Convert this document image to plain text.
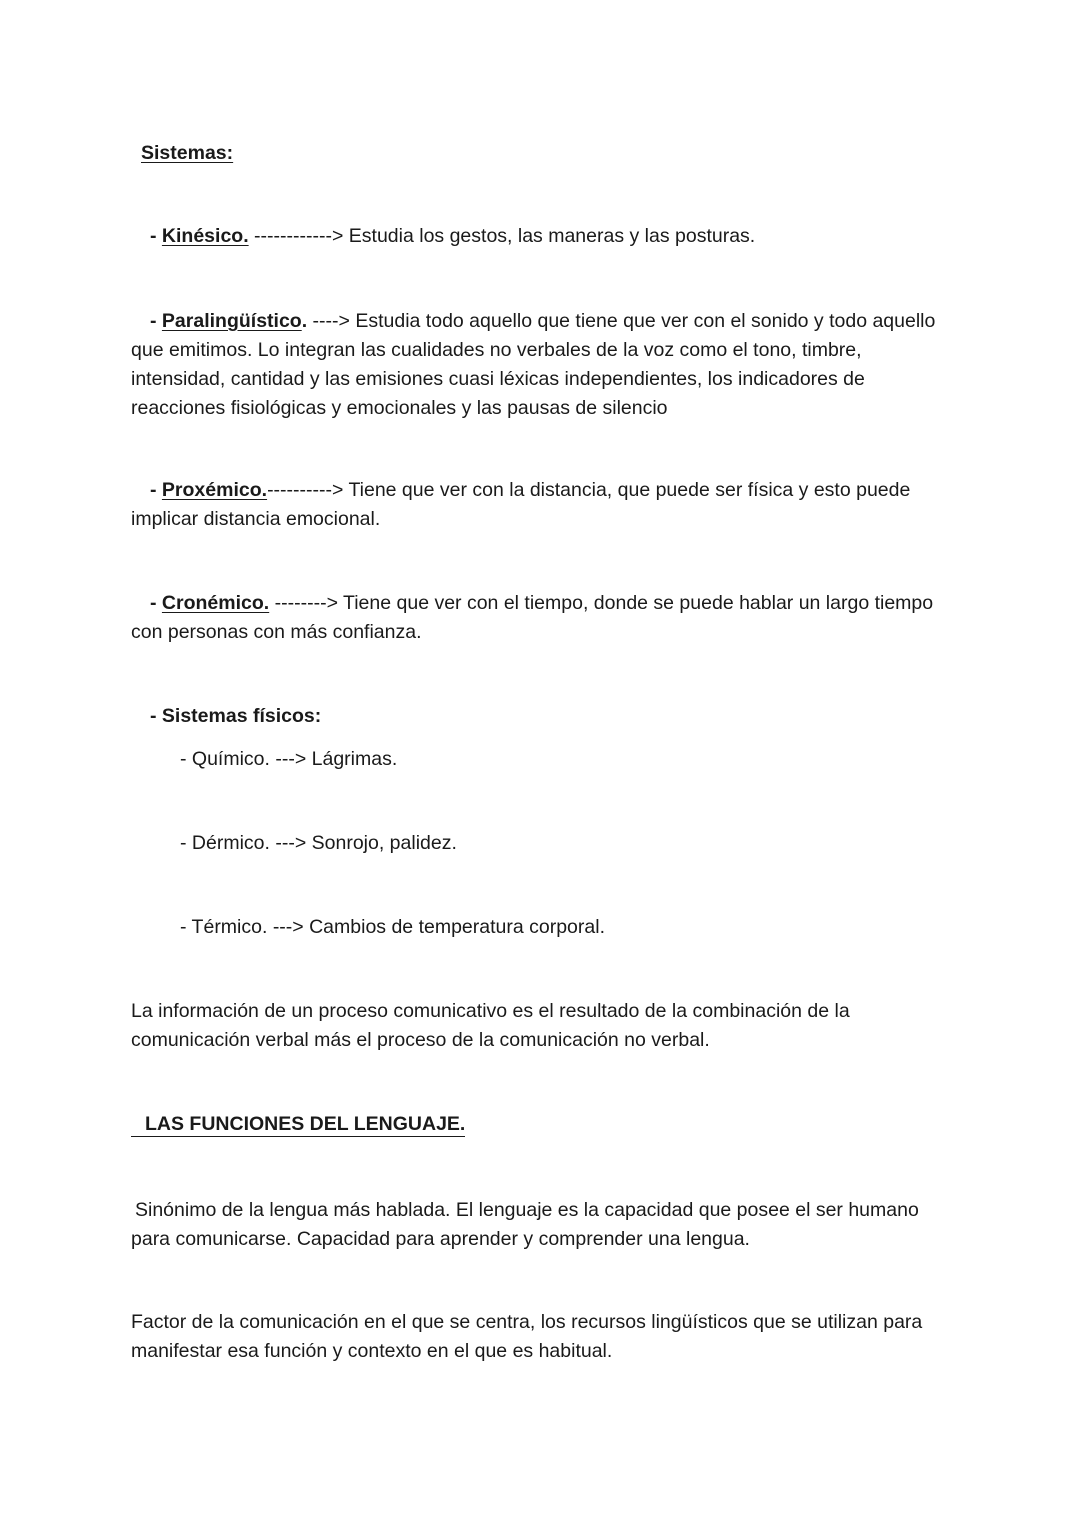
Sistemas:

- Kinésico. ------------> Estudia los gestos, las maneras y las posturas.

- Paralingüístico. ----> Estudia todo aquello que tiene que ver con el sonido y todo aquello que emitimos. Lo integran las cualidades no verbales de la voz como el tono, timbre, intensidad, cantidad y las emisiones cuasi léxicas independientes, los indicadores de reacciones fisiológicas y emocionales y las pausas de silencio

- Proxémico.----------> Tiene que ver con la distancia, que puede ser física y esto puede implicar distancia emocional.

- Cronémico. --------> Tiene que ver con el tiempo, donde se puede hablar un largo tiempo con personas con más confianza.

- Sistemas físicos:

- Químico. ---> Lágrimas.

- Dérmico. ---> Sonrojo, palidez.

- Térmico. ---> Cambios de temperatura corporal.

La información de un proceso comunicativo es el resultado de la combinación de la comunicación verbal más el proceso de la comunicación no verbal.

LAS FUNCIONES DEL LENGUAJE.

Sinónimo de la lengua más hablada. El lenguaje es la capacidad que posee el ser humano para comunicarse. Capacidad para aprender y comprender una lengua.

Factor de la comunicación en el que se centra, los recursos lingüísticos que se utilizan para manifestar esa función y contexto en el que es habitual.
